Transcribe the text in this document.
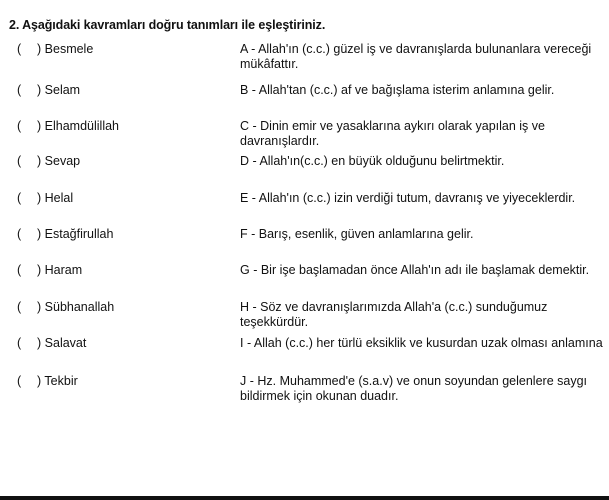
2. Aşağıdaki kavramları doğru tanımları ile eşleştiriniz.
( ) Besmele	A - Allah'ın (c.c.) güzel iş ve davranışlarda bulunanlara vereceği mükâfattır.
( ) Selam	B - Allah'tan (c.c.) af ve bağışlama isterim anlamına gelir.
( ) Elhamdülillah	C - Dinin emir ve yasaklarına aykırı olarak yapılan iş ve davranışlardır.
( ) Sevap	D - Allah'ın(c.c.) en büyük olduğunu belirtmektir.
( ) Helal	E - Allah'ın (c.c.) izin verdiği tutum, davranış ve yiyeceklerdir.
( ) Estağfirullah	F - Barış, esenlik, güven anlamlarına gelir.
( ) Haram	G - Bir işe başlamadan önce Allah'ın adı ile başlamak demektir.
( ) Sübhanallah	H - Söz ve davranışlarımızda Allah'a (c.c.) sunduğumuz teşekkürdür.
( ) Salavat	I - Allah (c.c.) her türlü eksiklik ve kusurdan uzak olması anlamına
( ) Tekbir	J - Hz. Muhammed'e (s.a.v) ve onun soyundan gelenlere saygı bildirmek için okunan duadır.
